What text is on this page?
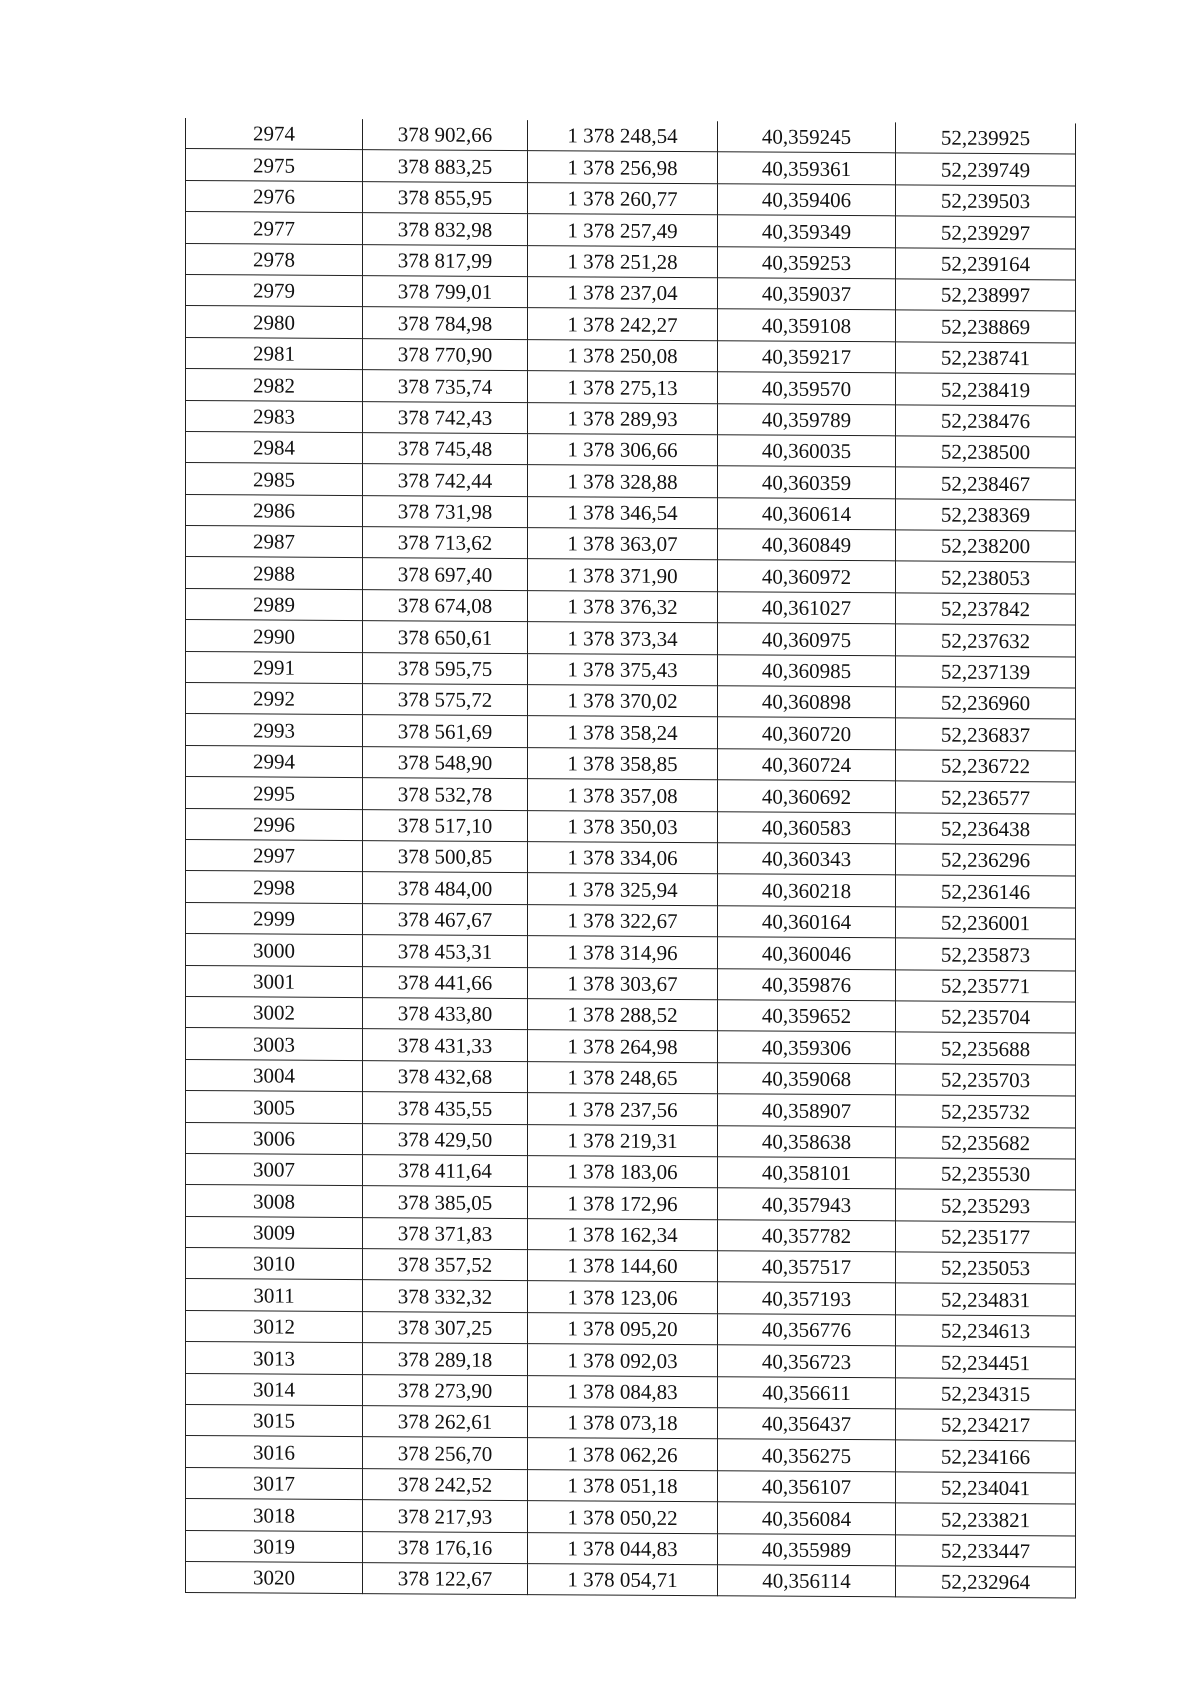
2974	378 902,66	1 378 248,54	40,359245	52,239925
2975	378 883,25	1 378 256,98	40,359361	52,239749
2976	378 855,95	1 378 260,77	40,359406	52,239503
2977	378 832,98	1 378 257,49	40,359349	52,239297
2978	378 817,99	1 378 251,28	40,359253	52,239164
2979	378 799,01	1 378 237,04	40,359037	52,238997
2980	378 784,98	1 378 242,27	40,359108	52,238869
2981	378 770,90	1 378 250,08	40,359217	52,238741
2982	378 735,74	1 378 275,13	40,359570	52,238419
2983	378 742,43	1 378 289,93	40,359789	52,238476
2984	378 745,48	1 378 306,66	40,360035	52,238500
2985	378 742,44	1 378 328,88	40,360359	52,238467
2986	378 731,98	1 378 346,54	40,360614	52,238369
2987	378 713,62	1 378 363,07	40,360849	52,238200
2988	378 697,40	1 378 371,90	40,360972	52,238053
2989	378 674,08	1 378 376,32	40,361027	52,237842
2990	378 650,61	1 378 373,34	40,360975	52,237632
2991	378 595,75	1 378 375,43	40,360985	52,237139
2992	378 575,72	1 378 370,02	40,360898	52,236960
2993	378 561,69	1 378 358,24	40,360720	52,236837
2994	378 548,90	1 378 358,85	40,360724	52,236722
2995	378 532,78	1 378 357,08	40,360692	52,236577
2996	378 517,10	1 378 350,03	40,360583	52,236438
2997	378 500,85	1 378 334,06	40,360343	52,236296
2998	378 484,00	1 378 325,94	40,360218	52,236146
2999	378 467,67	1 378 322,67	40,360164	52,236001
3000	378 453,31	1 378 314,96	40,360046	52,235873
3001	378 441,66	1 378 303,67	40,359876	52,235771
3002	378 433,80	1 378 288,52	40,359652	52,235704
3003	378 431,33	1 378 264,98	40,359306	52,235688
3004	378 432,68	1 378 248,65	40,359068	52,235703
3005	378 435,55	1 378 237,56	40,358907	52,235732
3006	378 429,50	1 378 219,31	40,358638	52,235682
3007	378 411,64	1 378 183,06	40,358101	52,235530
3008	378 385,05	1 378 172,96	40,357943	52,235293
3009	378 371,83	1 378 162,34	40,357782	52,235177
3010	378 357,52	1 378 144,60	40,357517	52,235053
3011	378 332,32	1 378 123,06	40,357193	52,234831
3012	378 307,25	1 378 095,20	40,356776	52,234613
3013	378 289,18	1 378 092,03	40,356723	52,234451
3014	378 273,90	1 378 084,83	40,356611	52,234315
3015	378 262,61	1 378 073,18	40,356437	52,234217
3016	378 256,70	1 378 062,26	40,356275	52,234166
3017	378 242,52	1 378 051,18	40,356107	52,234041
3018	378 217,93	1 378 050,22	40,356084	52,233821
3019	378 176,16	1 378 044,83	40,355989	52,233447
3020	378 122,67	1 378 054,71	40,356114	52,232964
